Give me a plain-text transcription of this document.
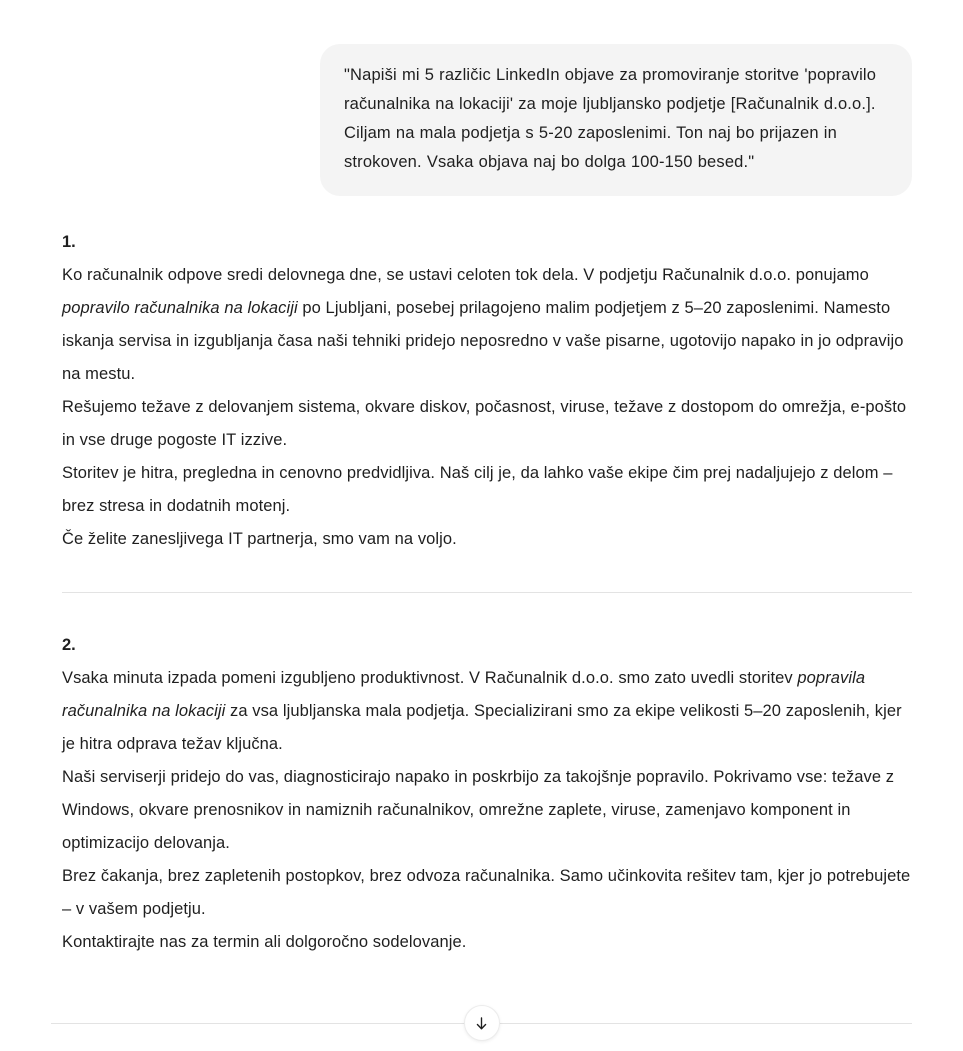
"Napiši mi 5 različic LinkedIn objave za promoviranje storitve 'popravilo računalnika na lokaciji' za moje ljubljansko podjetje [Računalnik d.o.o.]. Ciljam na mala podjetja s 5-20 zaposlenimi. Ton naj bo prijazen in strokoven. Vsaka objava naj bo dolga 100-150 besed."

1.

Ko računalnik odpove sredi delovnega dne, se ustavi celoten tok dela. V podjetju Računalnik d.o.o. ponujamo popravilo računalnika na lokaciji po Ljubljani, posebej prilagojeno malim podjetjem z 5–20 zaposlenimi. Namesto iskanja servisa in izgubljanja časa naši tehniki pridejo neposredno v vaše pisarne, ugotovijo napako in jo odpravijo na mestu.

Rešujemo težave z delovanjem sistema, okvare diskov, počasnost, viruse, težave z dostopom do omrežja, e-pošto in vse druge pogoste IT izzive.

Storitev je hitra, pregledna in cenovno predvidljiva. Naš cilj je, da lahko vaše ekipe čim prej nadaljujejo z delom – brez stresa in dodatnih motenj.

Če želite zanesljivega IT partnerja, smo vam na voljo.

2.

Vsaka minuta izpada pomeni izgubljeno produktivnost. V Računalnik d.o.o. smo zato uvedli storitev popravila računalnika na lokaciji za vsa ljubljanska mala podjetja. Specializirani smo za ekipe velikosti 5–20 zaposlenih, kjer je hitra odprava težav ključna.

Naši serviserji pridejo do vas, diagnosticirajo napako in poskrbijo za takojšnje popravilo. Pokrivamo vse: težave z Windows, okvare prenosnikov in namiznih računalnikov, omrežne zaplete, viruse, zamenjavo komponent in optimizacijo delovanja.

Brez čakanja, brez zapletenih postopkov, brez odvoza računalnika. Samo učinkovita rešitev tam, kjer jo potrebujete – v vašem podjetju.

Kontaktirajte nas za termin ali dolgoročno sodelovanje.
